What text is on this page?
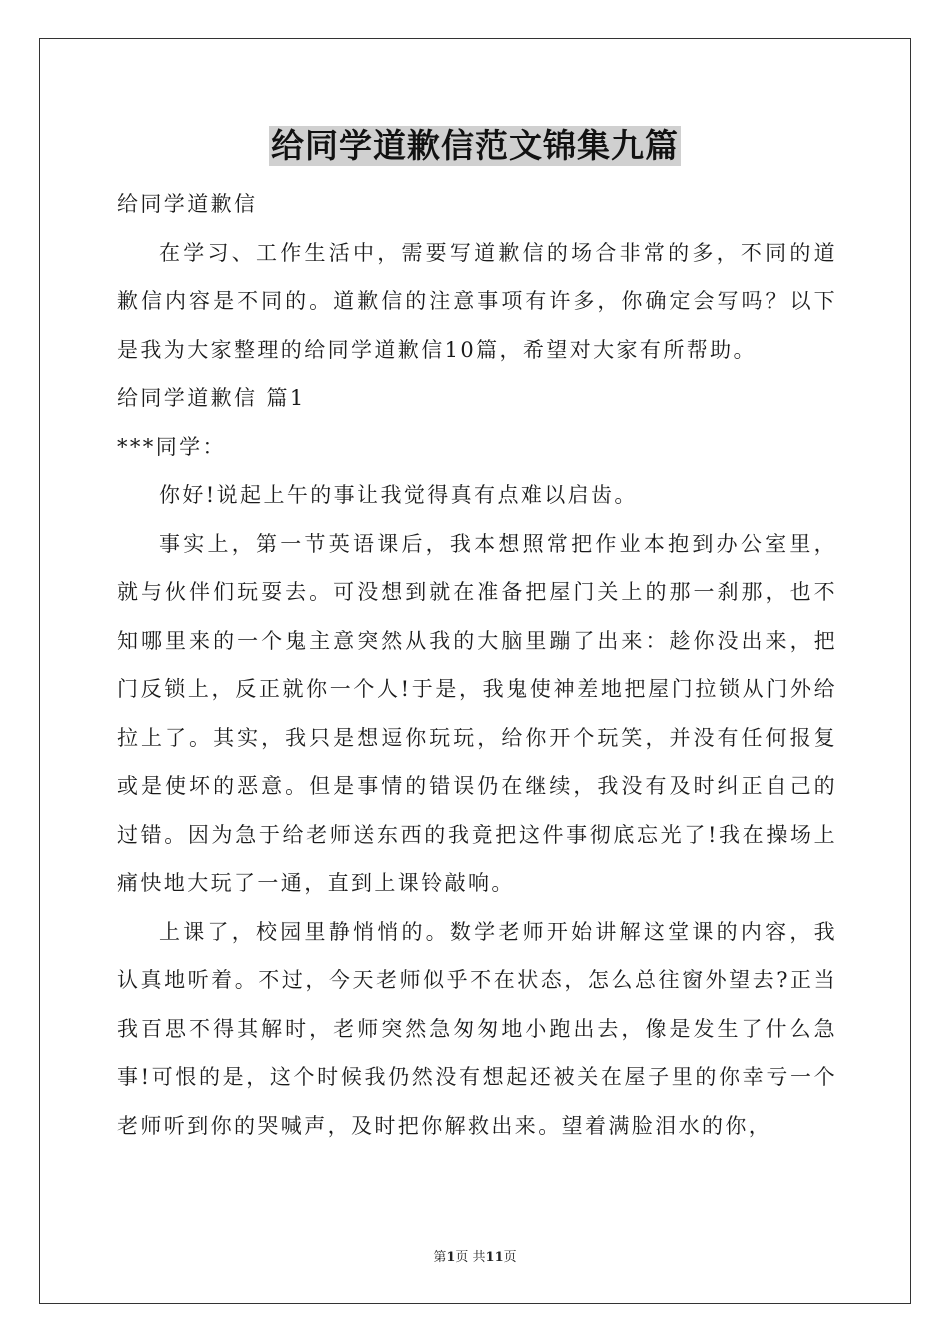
给同学道歉信范文锦集九篇

给同学道歉信

在学习、工作生活中，需要写道歉信的场合非常的多，不同的道歉信内容是不同的。道歉信的注意事项有许多，你确定会写吗？以下是我为大家整理的给同学道歉信10篇，希望对大家有所帮助。

给同学道歉信 篇1

***同学：

你好!说起上午的事让我觉得真有点难以启齿。

事实上，第一节英语课后，我本想照常把作业本抱到办公室里，就与伙伴们玩耍去。可没想到就在准备把屋门关上的那一刹那，也不知哪里来的一个鬼主意突然从我的大脑里蹦了出来：趁你没出来，把门反锁上，反正就你一个人!于是，我鬼使神差地把屋门拉锁从门外给拉上了。其实，我只是想逗你玩玩，给你开个玩笑，并没有任何报复或是使坏的恶意。但是事情的错误仍在继续，我没有及时纠正自己的过错。因为急于给老师送东西的我竟把这件事彻底忘光了!我在操场上痛快地大玩了一通，直到上课铃敲响。

上课了，校园里静悄悄的。数学老师开始讲解这堂课的内容，我认真地听着。不过，今天老师似乎不在状态，怎么总往窗外望去?正当我百思不得其解时，老师突然急匆匆地小跑出去，像是发生了什么急事!可恨的是，这个时候我仍然没有想起还被关在屋子里的你幸亏一个老师听到你的哭喊声，及时把你解救出来。望着满脸泪水的你，

第1页 共11页
